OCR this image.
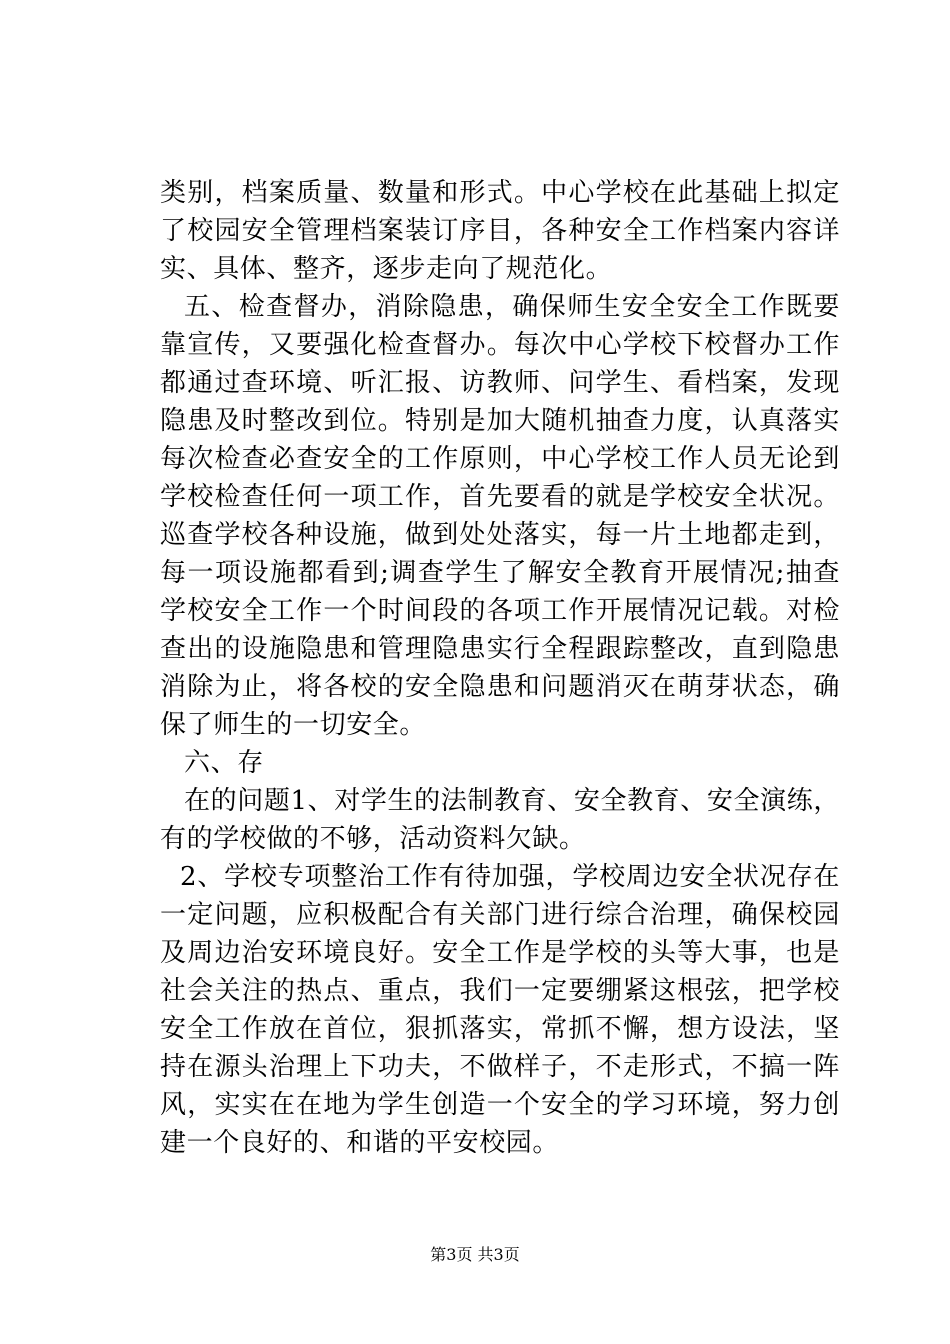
类别，档案质量、数量和形式。中心学校在此基础上拟定了校园安全管理档案装订序目，各种安全工作档案内容详实、具体、整齐，逐步走向了规范化。

五、检查督办，消除隐患，确保师生安全安全工作既要靠宣传，又要强化检查督办。每次中心学校下校督办工作都通过查环境、听汇报、访教师、问学生、看档案，发现隐患及时整改到位。特别是加大随机抽查力度，认真落实每次检查必查安全的工作原则，中心学校工作人员无论到学校检查任何一项工作，首先要看的就是学校安全状况。巡查学校各种设施，做到处处落实，每一片土地都走到，每一项设施都看到;调查学生了解安全教育开展情况;抽查学校安全工作一个时间段的各项工作开展情况记载。对检查出的设施隐患和管理隐患实行全程跟踪整改，直到隐患消除为止，将各校的安全隐患和问题消灭在萌芽状态，确保了师生的一切安全。

六、存

在的问题1、对学生的法制教育、安全教育、安全演练，有的学校做的不够，活动资料欠缺。

2、学校专项整治工作有待加强，学校周边安全状况存在一定问题，应积极配合有关部门进行综合治理，确保校园及周边治安环境良好。安全工作是学校的头等大事，也是社会关注的热点、重点，我们一定要绷紧这根弦，把学校安全工作放在首位，狠抓落实，常抓不懈，想方设法，坚持在源头治理上下功夫，不做样子，不走形式，不搞一阵风，实实在在地为学生创造一个安全的学习环境，努力创建一个良好的、和谐的平安校园。

第3页 共3页
